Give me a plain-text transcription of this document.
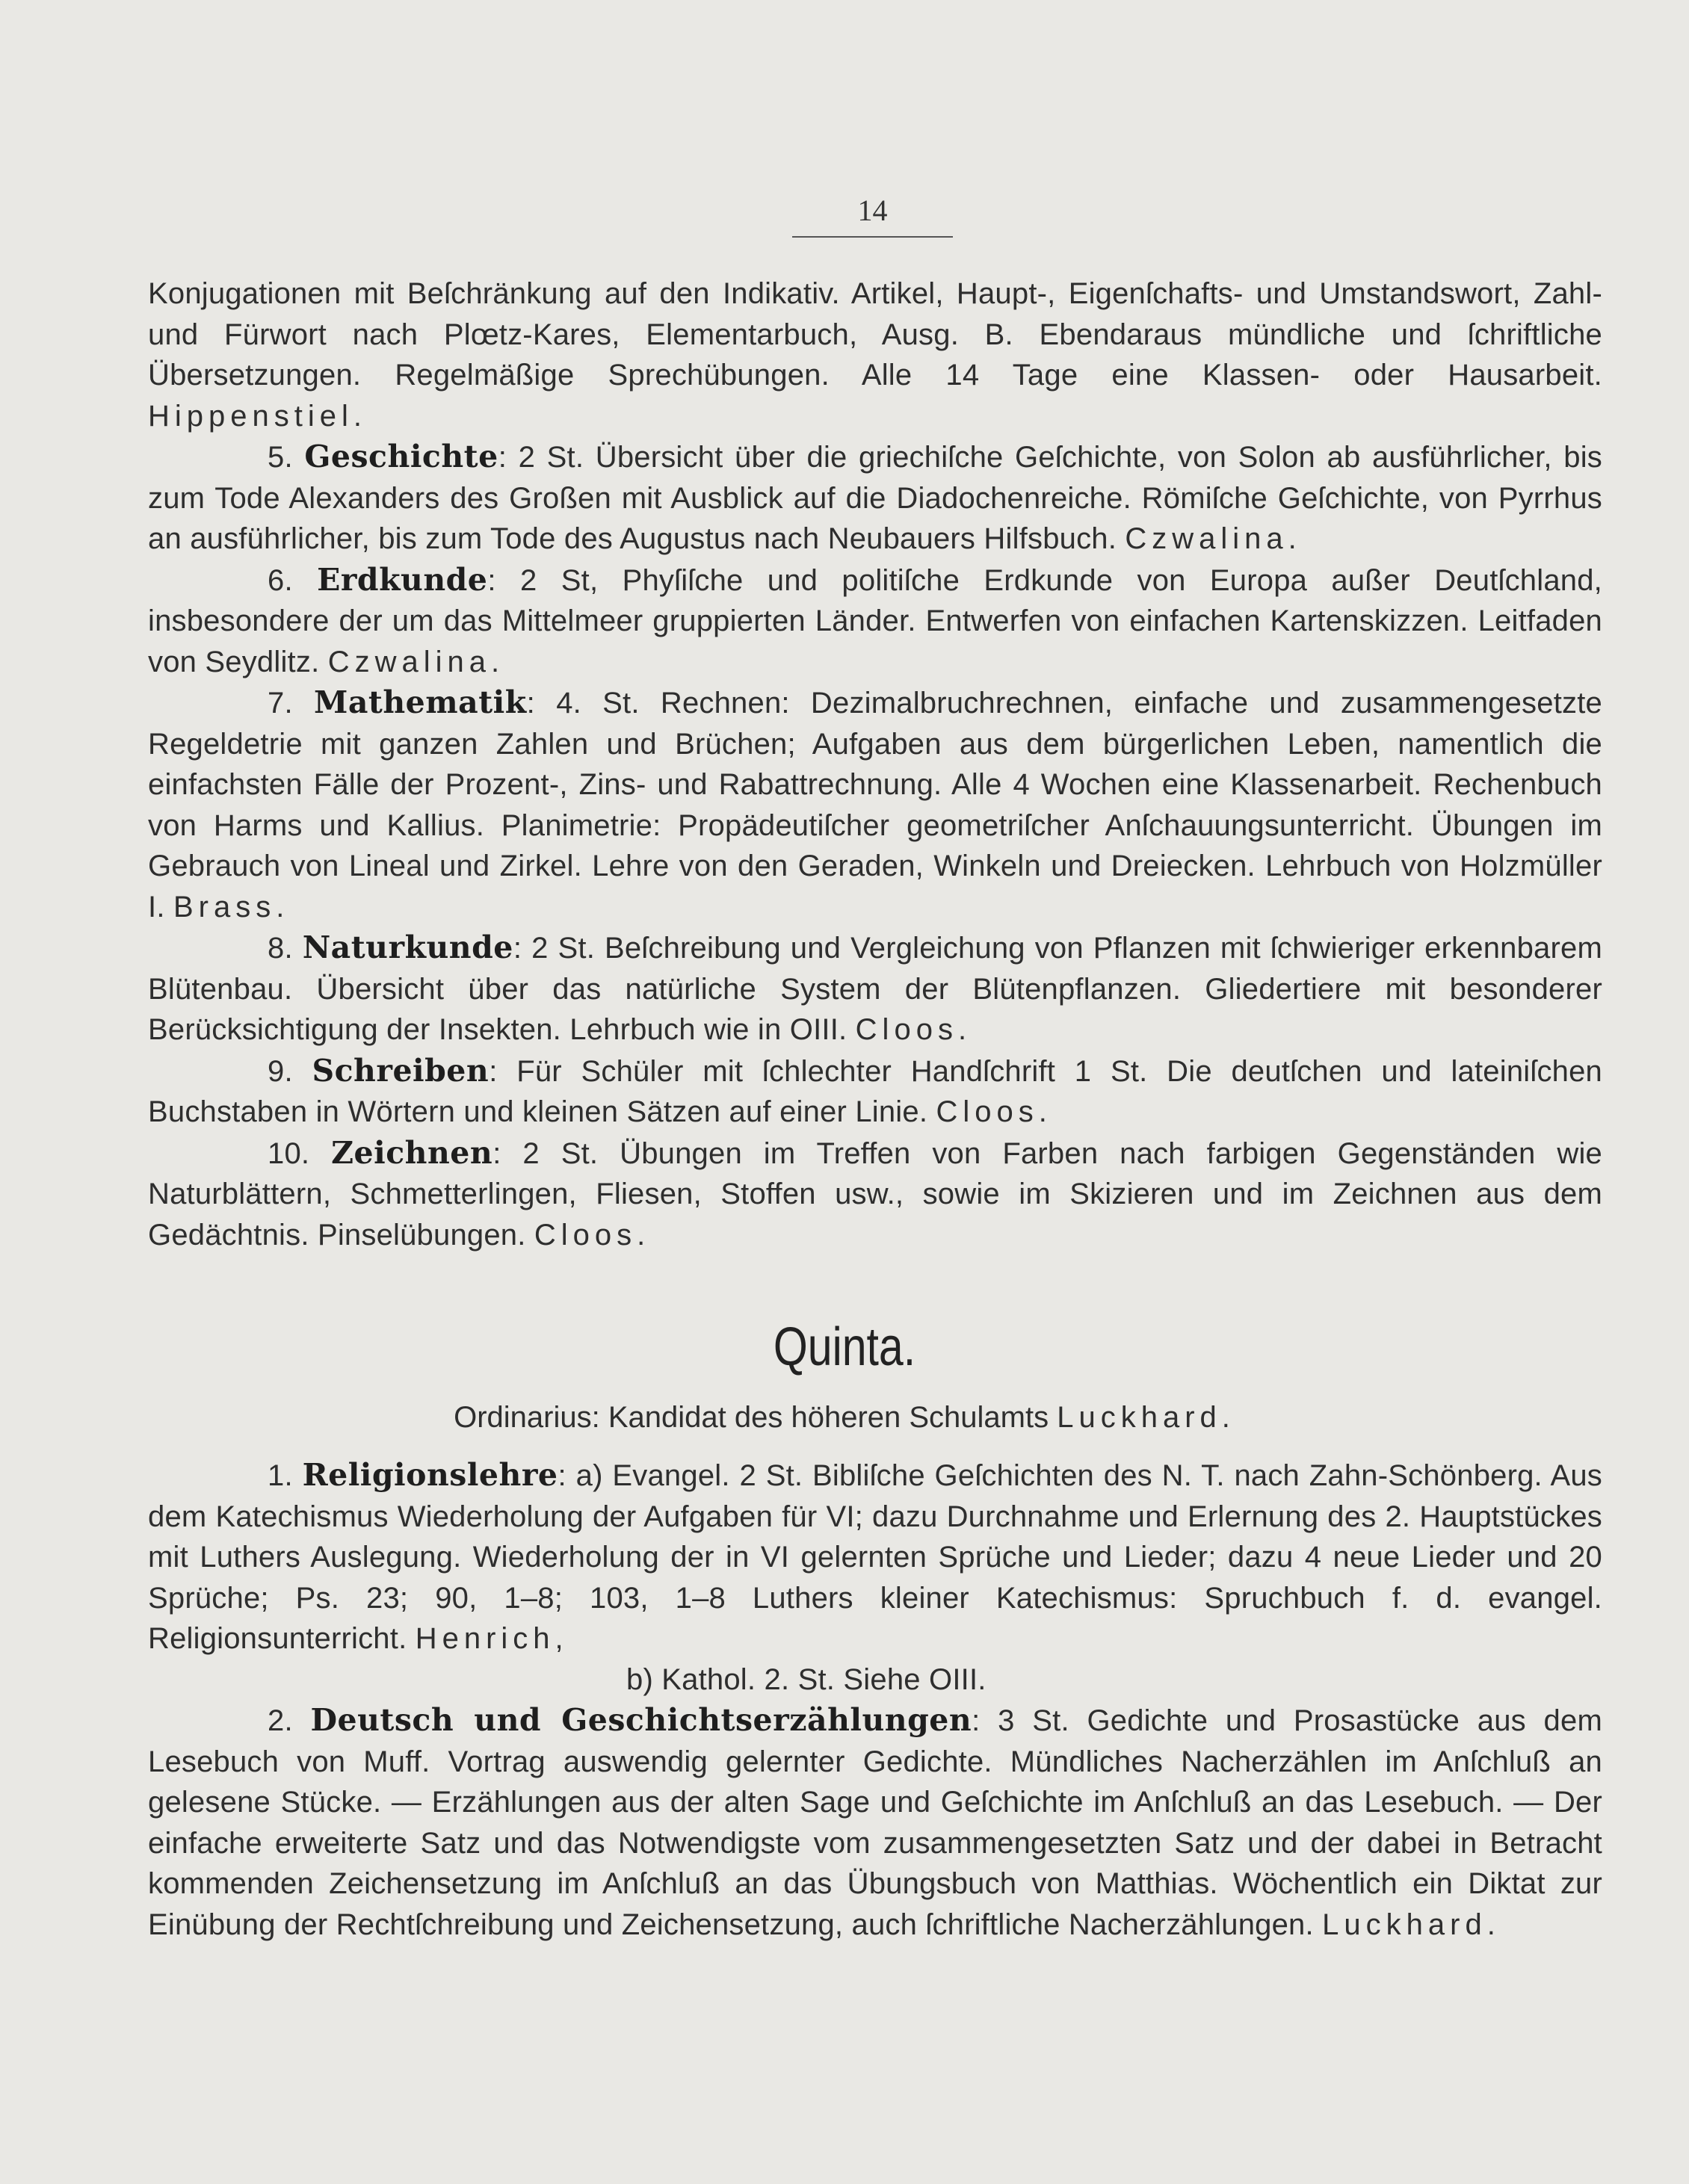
14

Konjugationen mit Beſchränkung auf den Indikativ. Artikel, Haupt-, Eigenſchafts- und Umstandswort, Zahl- und Fürwort nach Plœtz-Kares, Elementarbuch, Ausg. B. Ebendaraus mündliche und ſchriftliche Übersetzungen. Regelmäßige Sprechübungen. Alle 14 Tage eine Klassen- oder Hausarbeit. Hippenstiel.

5. Geschichte: 2 St. Übersicht über die griechiſche Geſchichte, von Solon ab ausführlicher, bis zum Tode Alexanders des Großen mit Ausblick auf die Diadochenreiche. Römiſche Geſchichte, von Pyrrhus an ausführlicher, bis zum Tode des Augustus nach Neubauers Hilfsbuch. Czwalina.

6. Erdkunde: 2 St, Phyſiſche und politiſche Erdkunde von Europa außer Deutſchland, insbesondere der um das Mittelmeer gruppierten Länder. Entwerfen von einfachen Kartenskizzen. Leitfaden von Seydlitz. Czwalina.

7. Mathematik: 4. St. Rechnen: Dezimalbruchrechnen, einfache und zusammengesetzte Regeldetrie mit ganzen Zahlen und Brüchen; Aufgaben aus dem bürgerlichen Leben, namentlich die einfachsten Fälle der Prozent-, Zins- und Rabattrechnung. Alle 4 Wochen eine Klassenarbeit. Rechenbuch von Harms und Kallius. Planimetrie: Propädeutiſcher geometriſcher Anſchauungsunterricht. Übungen im Gebrauch von Lineal und Zirkel. Lehre von den Geraden, Winkeln und Dreiecken. Lehrbuch von Holzmüller I. Brass.

8. Naturkunde: 2 St. Beſchreibung und Vergleichung von Pflanzen mit ſchwieriger erkennbarem Blütenbau. Übersicht über das natürliche System der Blütenpflanzen. Gliedertiere mit besonderer Berücksichtigung der Insekten. Lehrbuch wie in OIII. Cloos.

9. Schreiben: Für Schüler mit ſchlechter Handſchrift 1 St. Die deutſchen und lateiniſchen Buchstaben in Wörtern und kleinen Sätzen auf einer Linie. Cloos.

10. Zeichnen: 2 St. Übungen im Treffen von Farben nach farbigen Gegenständen wie Naturblättern, Schmetterlingen, Fliesen, Stoffen usw., sowie im Skizieren und im Zeichnen aus dem Gedächtnis. Pinselübungen. Cloos.

Quinta.
Ordinarius: Kandidat des höheren Schulamts Luckhard.

1. Religionslehre: a) Evangel. 2 St. Bibliſche Geſchichten des N. T. nach Zahn-Schönberg. Aus dem Katechismus Wiederholung der Aufgaben für VI; dazu Durchnahme und Erlernung des 2. Hauptstückes mit Luthers Auslegung. Wiederholung der in VI gelernten Sprüche und Lieder; dazu 4 neue Lieder und 20 Sprüche; Ps. 23; 90, 1–8; 103, 1–8 Luthers kleiner Katechismus: Spruchbuch f. d. evangel. Religionsunterricht. Henrich,

b) Kathol. 2. St. Siehe OIII.

2. Deutsch und Geschichtserzählungen: 3 St. Gedichte und Prosastücke aus dem Lesebuch von Muff. Vortrag auswendig gelernter Gedichte. Mündliches Nacherzählen im Anſchluß an gelesene Stücke. — Erzählungen aus der alten Sage und Geſchichte im Anſchluß an das Lesebuch. — Der einfache erweiterte Satz und das Notwendigste vom zusammengesetzten Satz und der dabei in Betracht kommenden Zeichensetzung im Anſchluß an das Übungsbuch von Matthias. Wöchentlich ein Diktat zur Einübung der Rechtſchreibung und Zeichensetzung, auch ſchriftliche Nacherzählungen. Luckhard.
